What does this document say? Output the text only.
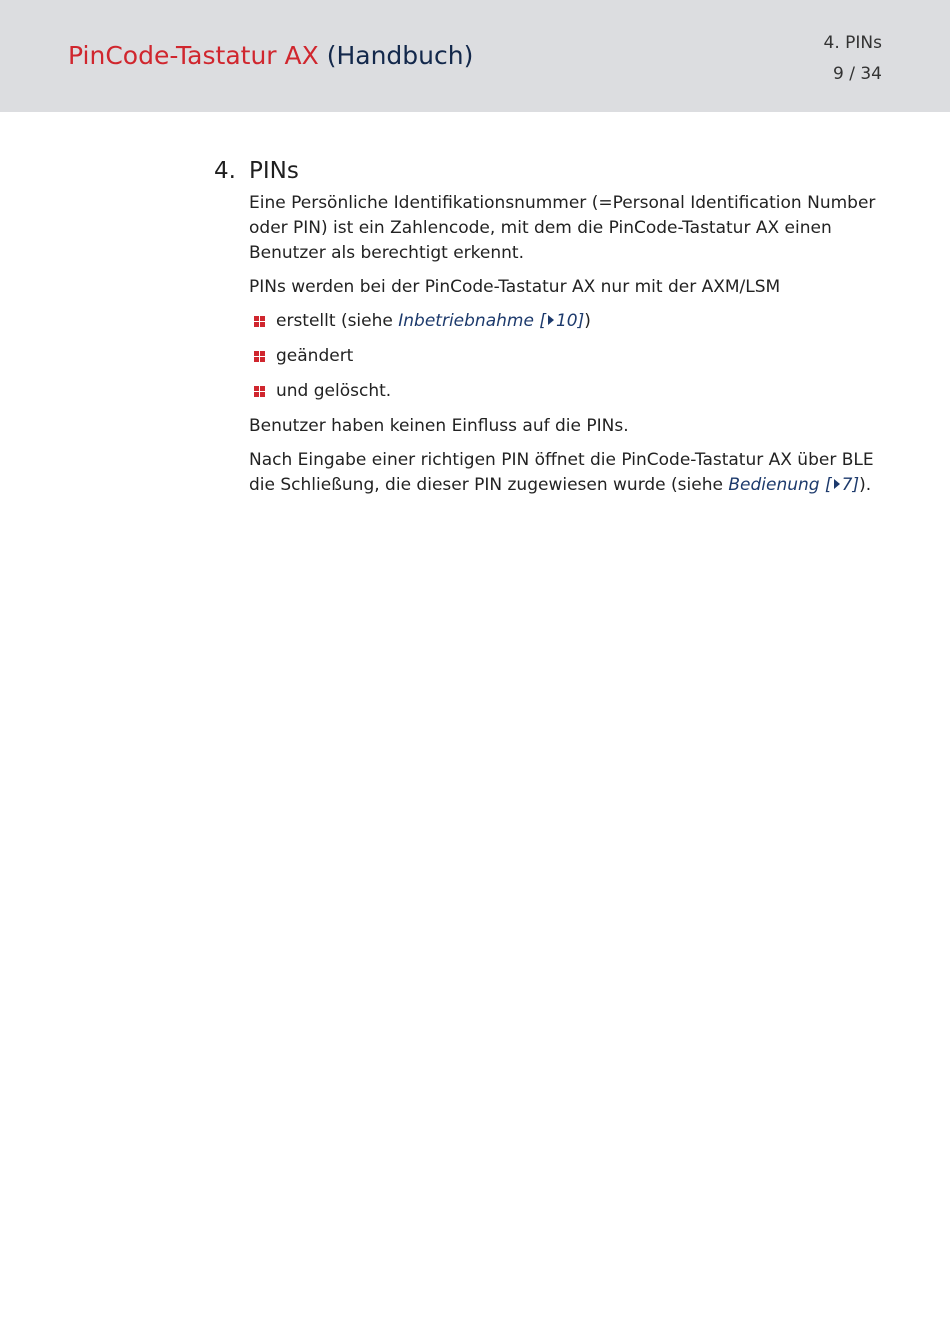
PinCode-Tastatur AX (Handbuch)	4. PINs
9 / 34
4. PINs

Eine Persönliche Identifikationsnummer (=Personal Identification Number oder PIN) ist ein Zahlencode, mit dem die PinCode-Tastatur AX einen Benutzer als berechtigt erkennt.

PINs werden bei der PinCode-Tastatur AX nur mit der AXM/LSM

erstellt (siehe Inbetriebnahme [ 10])
geändert
und gelöscht.

Benutzer haben keinen Einfluss auf die PINs.

Nach Eingabe einer richtigen PIN öffnet die PinCode-Tastatur AX über BLE die Schließung, die dieser PIN zugewiesen wurde (siehe Bedienung [ 7]).
